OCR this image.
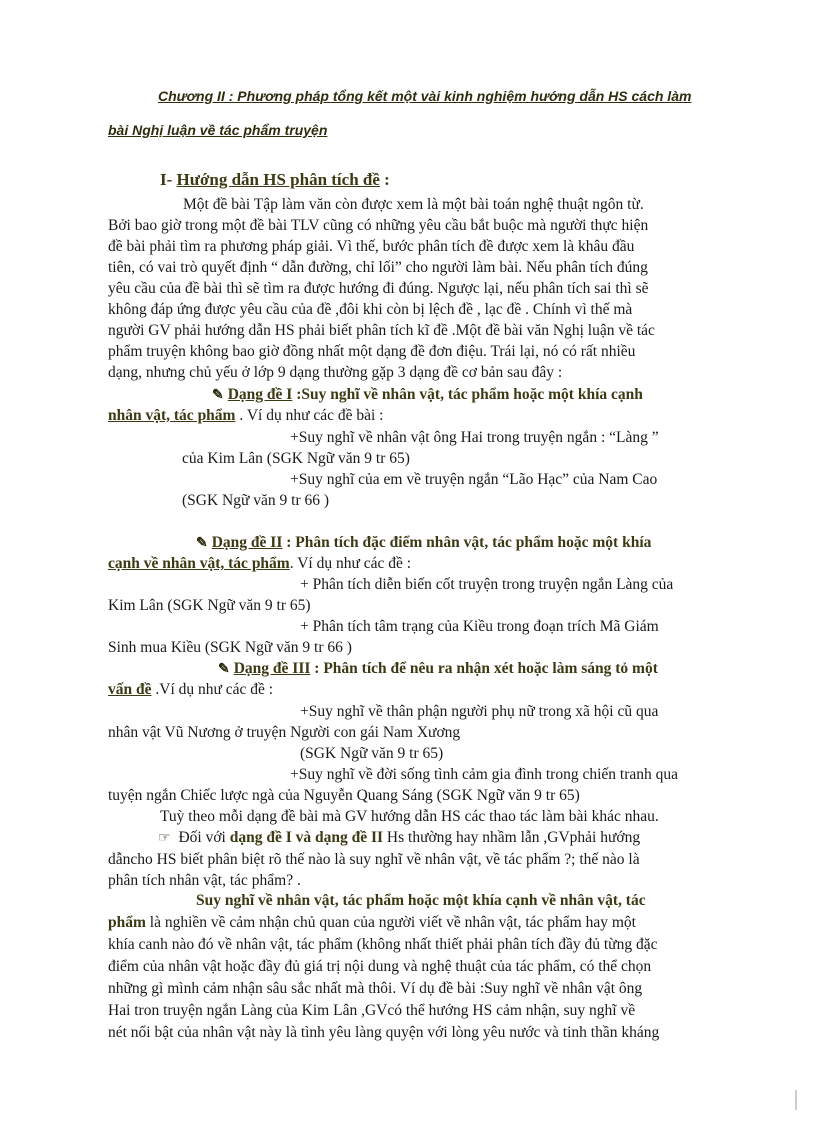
Chương II : Phương pháp tổng kết một vài kinh nghiệm hướng dẫn HS cách làm
bài Nghị luận về tác phẩm truyện
I- Hướng dẫn HS phân tích đề :
Một đề bài Tập làm văn còn được xem là một bài toán nghệ thuật ngôn từ.
Bởi bao giờ trong một đề bài TLV cũng có những yêu cầu bắt buộc mà người thực hiện
đề bài phải tìm ra phương pháp giải. Vì thế, bước phân tích đề được xem là khâu đầu
tiên, có vai trò quyết định “ dẫn đường, chỉ lối” cho người làm bài. Nếu phân tích đúng
yêu cầu của đề bài thì sẽ tìm ra được hướng đi đúng. Ngược lại, nếu phân tích sai thì sẽ
không đáp ứng được yêu cầu của đề ,đôi khi còn bị lệch đề , lạc đề . Chính vì thế mà
người GV phải hướng dẫn HS phải biết phân tích kĩ đề .Một đề bài văn Nghị luận về tác
phẩm truyện không bao giờ đồng nhất một dạng đề đơn điệu. Trái lại, nó có rất nhiều
dạng, nhưng chủ yếu ở lớp 9 dạng thường gặp 3 dạng đề cơ bản sau đây :
✎ Dạng đề I :Suy nghĩ về nhân vật, tác phẩm hoặc một khía cạnh
nhân vật, tác phẩm . Ví dụ như các đề bài :
+Suy nghĩ về nhân vật ông Hai trong truyện ngắn : “Làng ”
của Kim Lân (SGK Ngữ văn 9 tr 65)
+Suy nghĩ của em về truyện ngắn “Lão Hạc” của Nam Cao
(SGK Ngữ văn 9 tr 66 )
✎ Dạng đề II : Phân tích đặc điểm nhân vật, tác phẩm hoặc một khía
cạnh về nhân vật, tác phẩm. Ví dụ như các đề :
+ Phân tích diễn biến cốt truyện trong truyện ngắn Làng của
Kim Lân (SGK Ngữ văn 9 tr 65)
+ Phân tích tâm trạng của Kiều trong đoạn trích Mã Giám
Sinh mua Kiều (SGK Ngữ văn 9 tr 66 )
✎ Dạng đề III : Phân tích để nêu ra nhận xét hoặc làm sáng tỏ một
vấn đề .Ví dụ như các đề :
+Suy nghĩ về thân phận người phụ nữ trong xã hội cũ qua
nhân vật Vũ Nương ở truyện Người con gái Nam Xương
(SGK Ngữ văn 9 tr 65)
+Suy nghĩ về đời sống tình cảm gia đình trong chiến tranh qua
tuyện ngắn Chiếc lược ngà của Nguyễn Quang Sáng (SGK Ngữ văn 9 tr 65)
Tuỳ theo mỗi dạng đề bài mà GV hướng dẫn HS các thao tác làm bài khác nhau.
☞ Đối với dạng đề I và dạng đề II Hs thường hay nhầm lẫn ,GVphải hướng
dẫncho HS biết phân biệt rõ thế nào là suy nghĩ về nhân vật, về tác phẩm ?; thế nào là
phân tích nhân vật, tác phẩm? .
Suy nghĩ về nhân vật, tác phẩm hoặc một khía cạnh về nhân vật, tác
phẩm là nghiền về cảm nhận chủ quan của người viết về nhân vật, tác phẩm hay một
khía canh nào đó về nhân vật, tác phẩm (không nhất thiết phải phân tích đầy đủ từng đặc
điểm của nhân vật hoặc đầy đủ giá trị nội dung và nghệ thuật của tác phẩm, có thể chọn
những gì mình cảm nhận sâu sắc nhất mà thôi. Ví dụ đề bài :Suy nghĩ về nhân vật ông
Hai tron truyện ngắn Làng của Kim Lân ,GVcó thể hướng HS cảm nhận, suy nghĩ về
nét nổi bật của nhân vật này là tình yêu làng quyện với lòng yêu nước và tinh thần kháng
